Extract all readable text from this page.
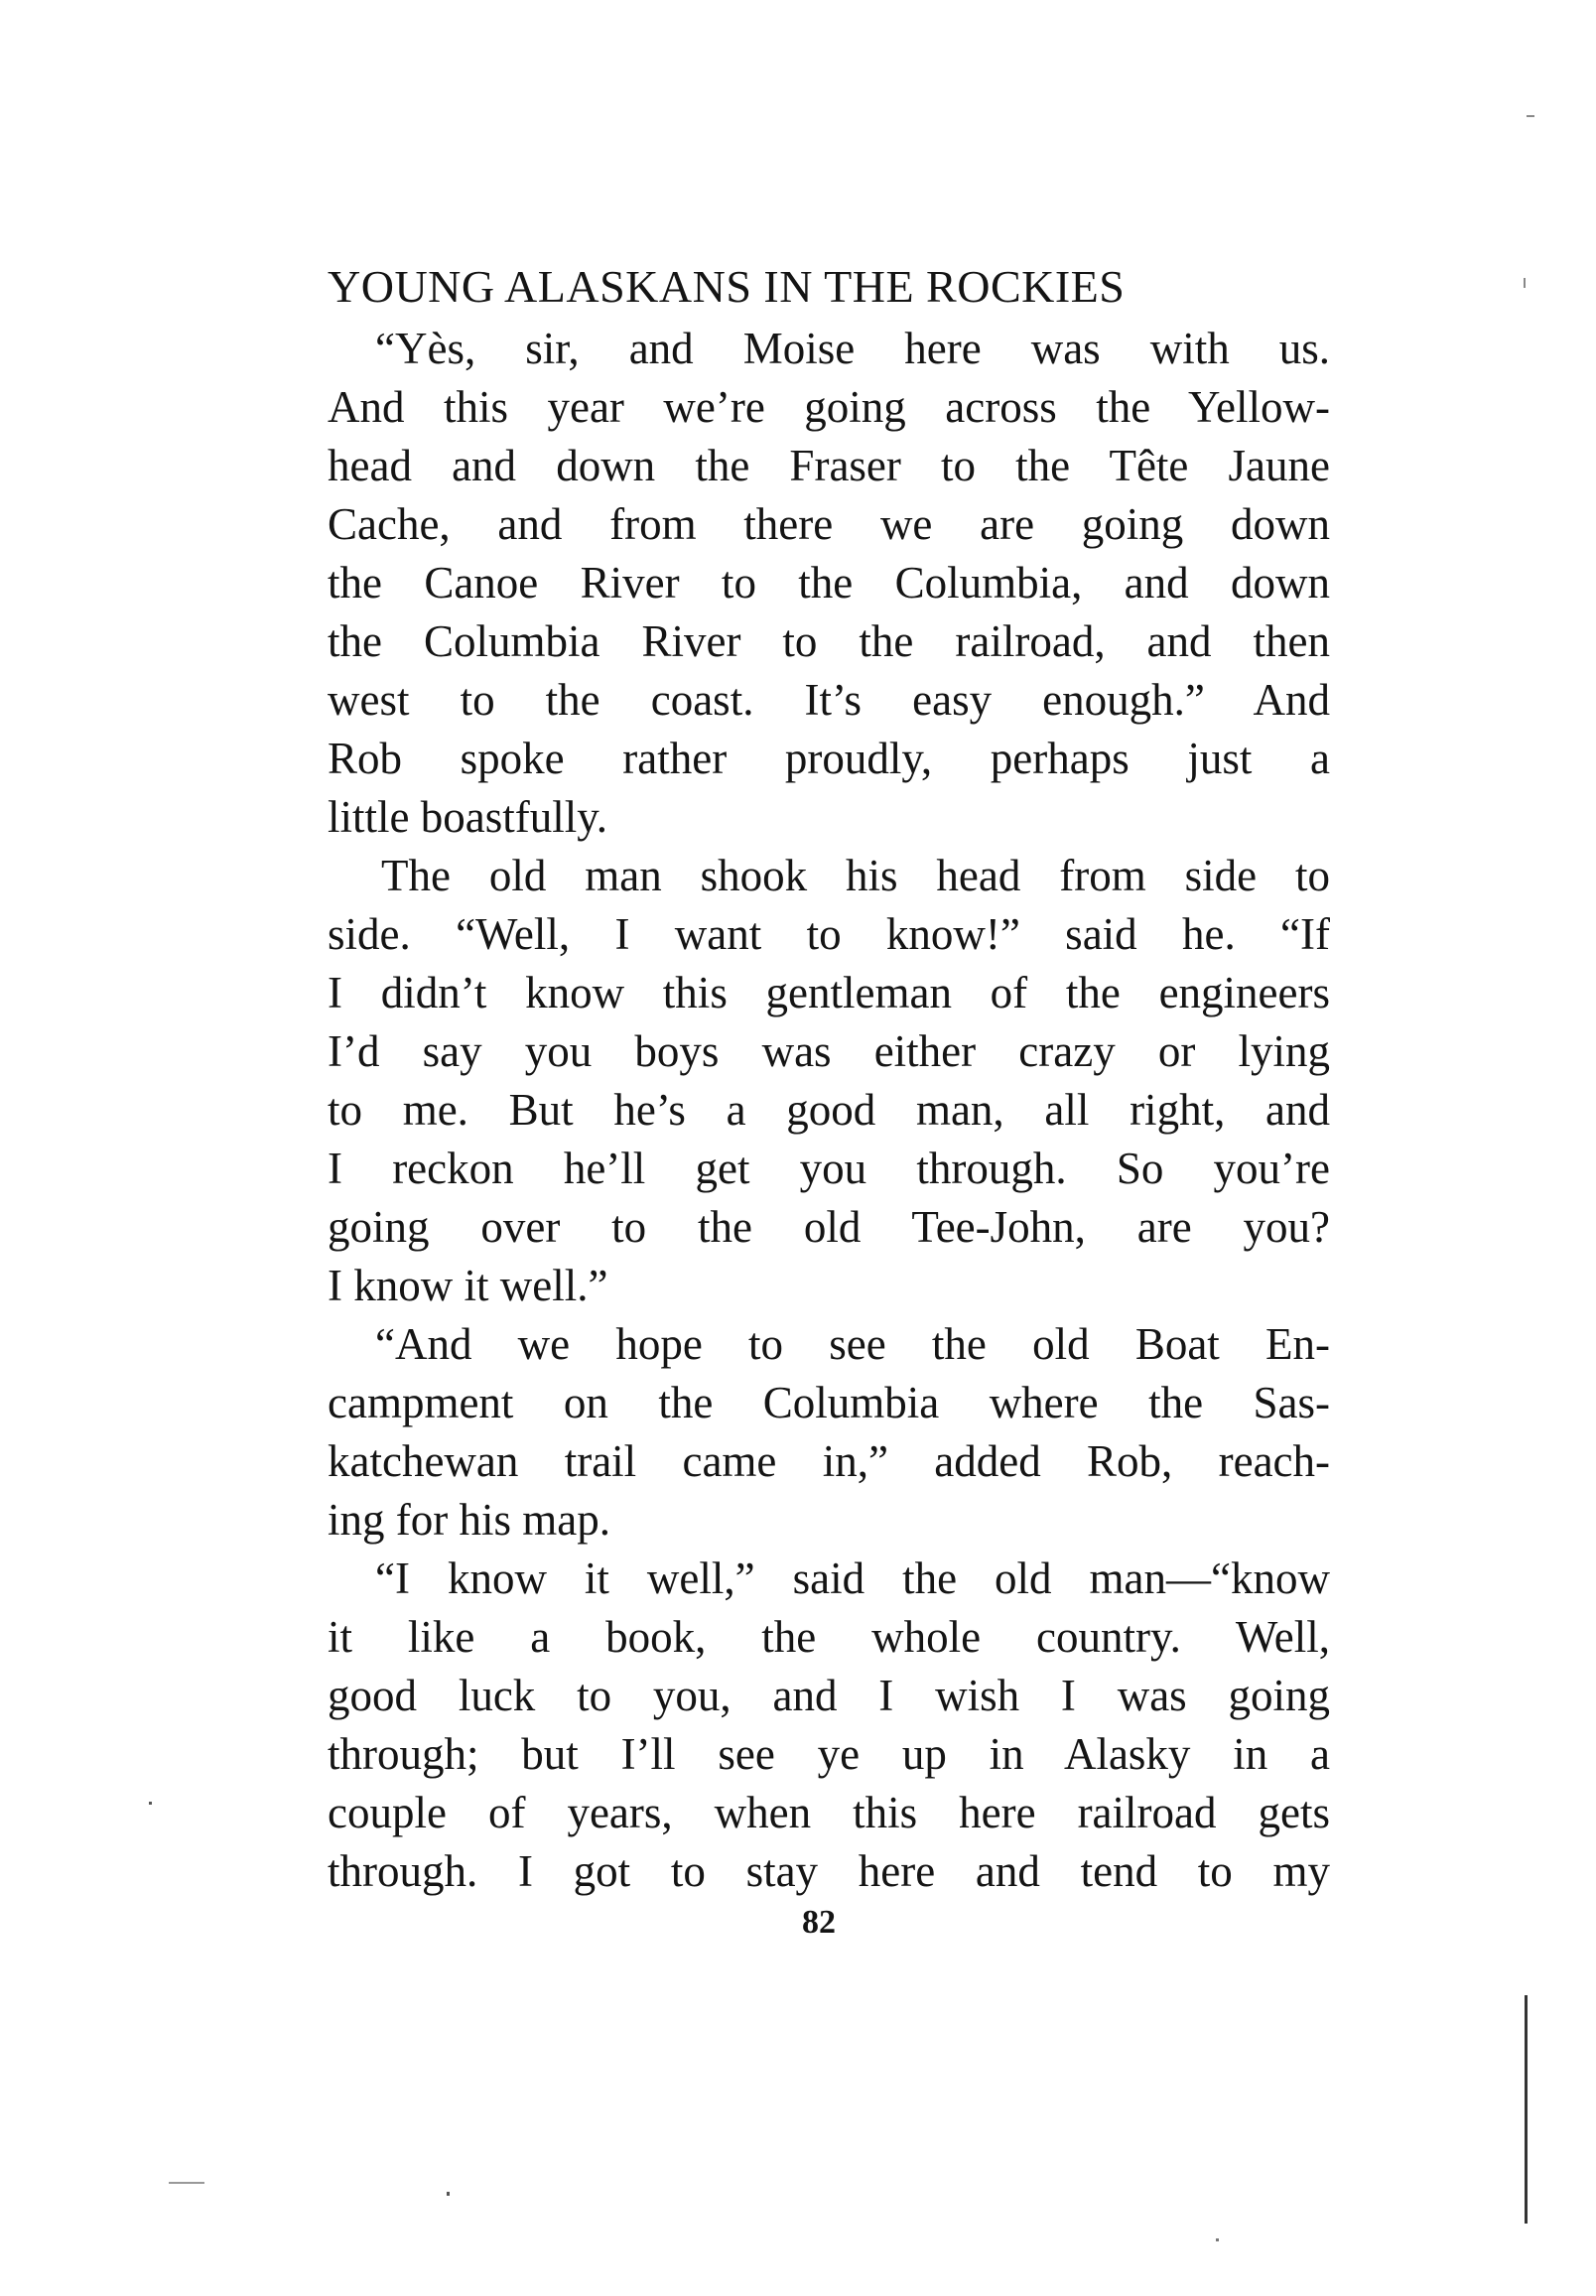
YOUNG ALASKANS IN THE ROCKIES
“Yès, sir, and Moise here was with us.
And this year we’re going across the Yellow-
head and down the Fraser to the Tête Jaune
Cache, and from there we are going down
the Canoe River to the Columbia, and down
the Columbia River to the railroad, and then
west to the coast. It’s easy enough.” And
Rob spoke rather proudly, perhaps just a
little boastfully.
The old man shook his head from side to
side. “Well, I want to know!” said he. “If
I didn’t know this gentleman of the engineers
I’d say you boys was either crazy or lying
to me. But he’s a good man, all right, and
I reckon he’ll get you through. So you’re
going over to the old Tee-John, are you?
I know it well.”
“And we hope to see the old Boat En-
campment on the Columbia where the Sas-
katchewan trail came in,” added Rob, reach-
ing for his map.
“I know it well,” said the old man—“know
it like a book, the whole country. Well,
good luck to you, and I wish I was going
through; but I’ll see ye up in Alasky in a
couple of years, when this here railroad gets
through. I got to stay here and tend to my
82
